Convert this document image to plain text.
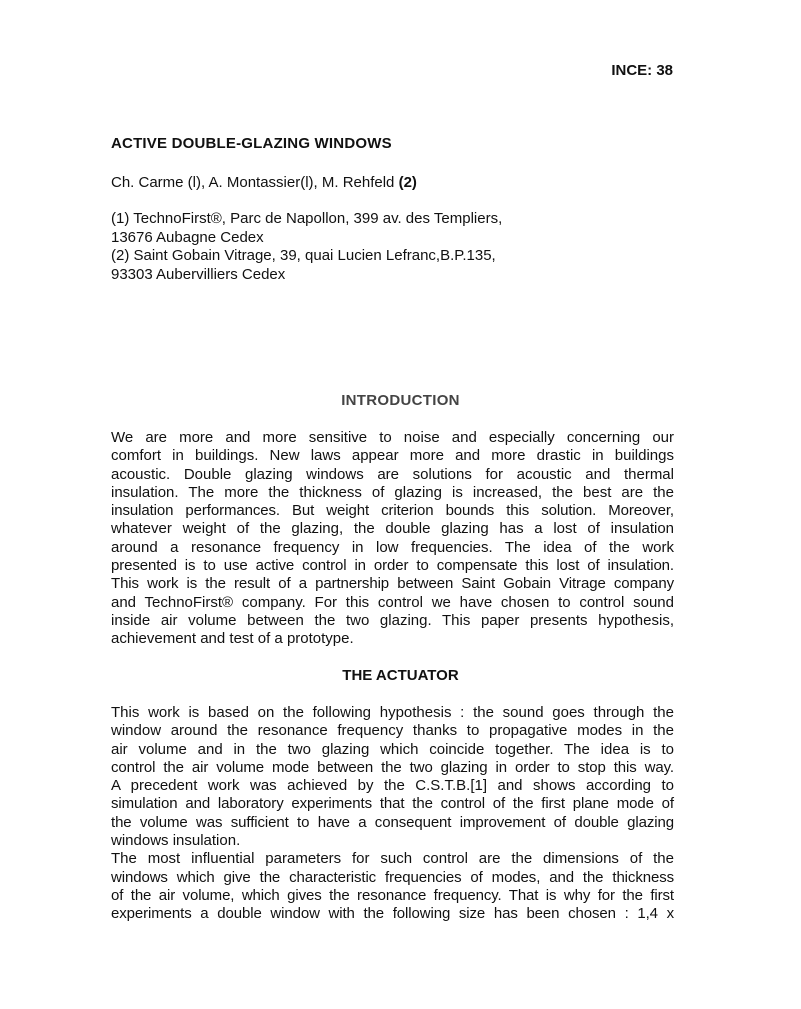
INCE: 38
ACTIVE DOUBLE-GLAZING WINDOWS
Ch. Carme (l), A. Montassier(l), M. Rehfeld (2)
(1) TechnoFirst®, Parc de Napollon, 399 av. des Templiers,
13676 Aubagne Cedex
(2) Saint Gobain Vitrage, 39, quai Lucien Lefranc,B.P.135,
93303 Aubervilliers Cedex
INTRODUCTION
We are more and more sensitive to noise and especially concerning our
comfort in buildings. New laws appear more and more drastic in buildings
acoustic. Double glazing windows are solutions for acoustic and thermal
insulation. The more the thickness of glazing is increased, the best are the
insulation performances. But weight criterion bounds this solution. Moreover,
whatever weight of the glazing, the double glazing has a lost of insulation
around a resonance frequency in low frequencies. The idea of the work
presented is to use active control in order to compensate this lost of insulation.
This work is the result of a partnership between Saint Gobain Vitrage company
and TechnoFirst® company. For this control we have chosen to control sound
inside air volume between the two glazing. This paper presents hypothesis,
achievement and test of a prototype.
THE ACTUATOR
This work is based on the following hypothesis : the sound goes through the
window around the resonance frequency thanks to propagative modes in the
air volume and in the two glazing which coincide together. The idea is to
control the air volume mode between the two glazing in order to stop this way.
A precedent work was achieved by the C.S.T.B.[1] and shows according to
simulation and laboratory experiments that the control of the first plane mode of
the volume was sufficient to have a consequent improvement of double glazing
windows insulation.
The most influential parameters for such control are the dimensions of the
windows which give the characteristic frequencies of modes, and the thickness
of the air volume, which gives the resonance frequency. That is why for the first
experiments a double window with the following size has been chosen : 1,4 x
